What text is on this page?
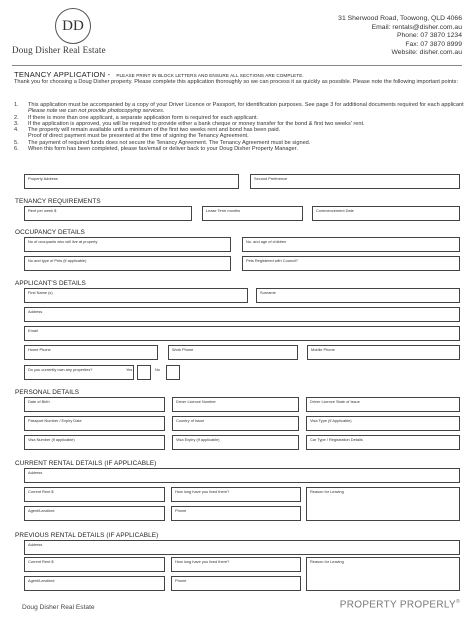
DD
Doug Disher Real Estate
31 Sherwood Road, Toowong, QLD 4066
Email: rentals@disher.com.au
Phone: 07 3870 1234
Fax: 07 3870 8999
Website: disher.com.au
TENANCY APPLICATION - PLEASE PRINT IN BLOCK LETTERS AND ENSURE ALL SECTIONS ARE COMPLETE.
Thank you for choosing a Doug Disher property. Please complete this application thoroughly so we can process it as quickly as possible. Please note the following important points:
1.	This application must be accompanied by a copy of your Driver Licence or Passport, for identification purposes. See page 3 for additional documents required for each applicant Please note we can not provide photocopying services.
2.	If there is more than one applicant, a separate application form is required for each applicant.
3.	If the application is approved, you will be required to provide either a bank cheque or money transfer for the bond & first two weeks' rent.
4.	The property will remain available until a minimum of the first two weeks rent and bond has been paid.
Proof of direct payment must be presented at the time of signing the Tenancy Agreement.
5.	The payment of required funds does not secure the Tenancy Agreement. The Tenancy Agreement must be signed.
6.	When this form has been completed, please fax/email or deliver back to your Doug Disher Property Manager.
Property Address	Second Preference
TENANCY REQUIREMENTS
Rent per week $	Lease Term months	Commencement Date
OCCUPANCY DETAILS
No of occupants who will live at property	No. and age of children
No and type of Pets (if applicable)	Pets Registered with Council?
APPLICANT'S DETAILS
First Name (s)	Surname
Address
Email
Home Phone	Work Phone	Mobile Phone
Do you currently own any properties?	Yes	No
PERSONAL DETAILS
Date of Birth	Driver Licence Number	Driver Licence State of Issue
Passport Number / Expiry Date	Country of Issue	Visa Type (If Applicable)
Visa Number (if applicable)	Visa Expiry (if applicable)	Car Type / Registration Details
CURRENT RENTAL DETAILS (IF APPLICABLE)
Address
Current Rent $	How long have you lived there?	Reason for Leaving
Agent/Landlord	Phone
PREVIOUS RENTAL DETAILS (IF APPLICABLE)
Address
Current Rent $	How long have you lived there?	Reason for Leaving
Agent/Landlord	Phone
Doug Disher Real Estate	PROPERTY PROPERLY®
